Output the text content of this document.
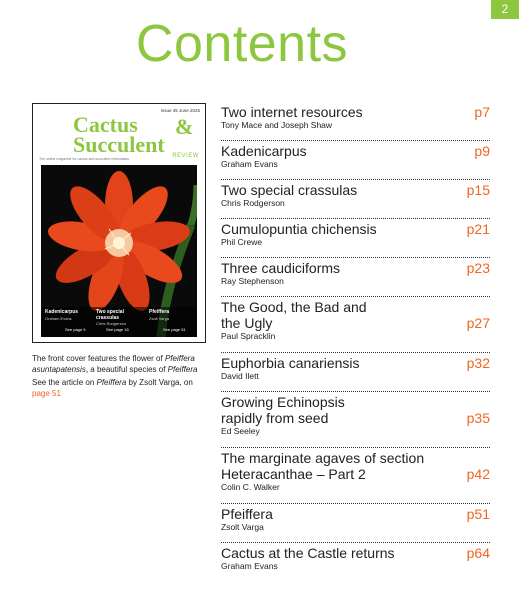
2
Contents
Issue 45 June 2025
Cactus &
Succulent REVIEW
The online magazine for cactus and succulent enthusiasts
Kadenicarpus
Graham Evans
See page 9
Two special crassulas
Chris Rodgerson
See page 15
Pfeiffera
Zsolt Varga
See page 51

The front cover features the flower of Pfeiffera asuntapatensis, a beautiful species of Pfeiffera

See the article on Pfeiffera by Zsolt Varga, on page 51

p7
Two internet resources
Tony Mace and Joseph Shaw
p9
Kadenicarpus
Graham Evans
p15
Two special crassulas
Chris Rodgerson
p21
Cumulopuntia chichensis
Phil Crewe
p23
Three caudiciforms
Ray Stephenson
p27
The Good, the Bad and the Ugly
Paul Spracklin
p32
Euphorbia canariensis
David Ilett
p35
Growing Echinopsis rapidly from seed
Ed Seeley
p42
The marginate agaves of section Heteracanthae – Part 2
Colin C. Walker
p51
Pfeiffera
Zsolt Varga
p64
Cactus at the Castle returns
Graham Evans
